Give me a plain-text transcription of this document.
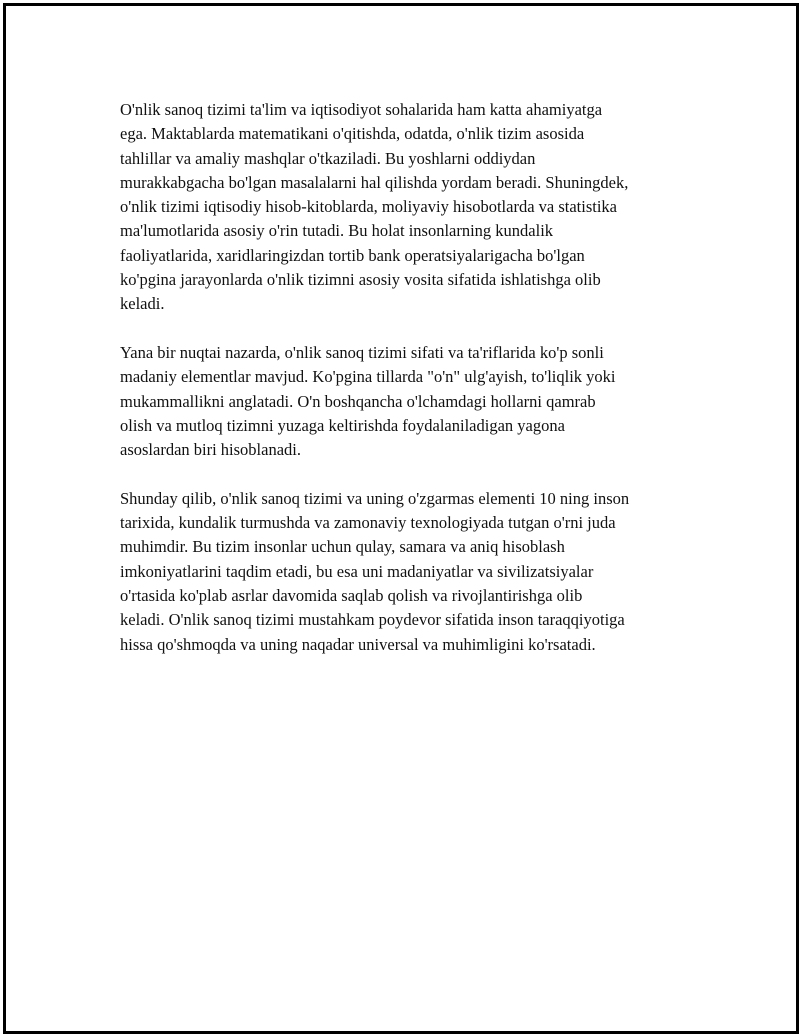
O'nlik sanoq tizimi ta'lim va iqtisodiyot sohalarida ham katta ahamiyatga
ega. Maktablarda matematikani o'qitishda, odatda, o'nlik tizim asosida
tahlillar va amaliy mashqlar o'tkaziladi. Bu yoshlarni oddiydan
murakkabgacha bo'lgan masalalarni hal qilishda yordam beradi. Shuningdek,
o'nlik tizimi iqtisodiy hisob-kitoblarda, moliyaviy hisobotlarda va statistika
ma'lumotlarida asosiy o'rin tutadi. Bu holat insonlarning kundalik
faoliyatlarida, xaridlaringizdan tortib bank operatsiyalarigacha bo'lgan
ko'pgina jarayonlarda o'nlik tizimni asosiy vosita sifatida ishlatishga olib
keladi.

Yana bir nuqtai nazarda, o'nlik sanoq tizimi sifati va ta'riflarida ko'p sonli
madaniy elementlar mavjud. Ko'pgina tillarda "o'n" ulg'ayish, to'liqlik yoki
mukammallikni anglatadi. O'n boshqancha o'lchamdagi hollarni qamrab
olish va mutloq tizimni yuzaga keltirishda foydalaniladigan yagona
asoslardan biri hisoblanadi.

Shunday qilib, o'nlik sanoq tizimi va uning o'zgarmas elementi 10 ning inson
tarixida, kundalik turmushda va zamonaviy texnologiyada tutgan o'rni juda
muhimdir. Bu tizim insonlar uchun qulay, samara va aniq hisoblash
imkoniyatlarini taqdim etadi, bu esa uni madaniyatlar va sivilizatsiyalar
o'rtasida ko'plab asrlar davomida saqlab qolish va rivojlantirishga olib
keladi. O'nlik sanoq tizimi mustahkam poydevor sifatida inson taraqqiyotiga
hissa qo'shmoqda va uning naqadar universal va muhimligini ko'rsatadi.
